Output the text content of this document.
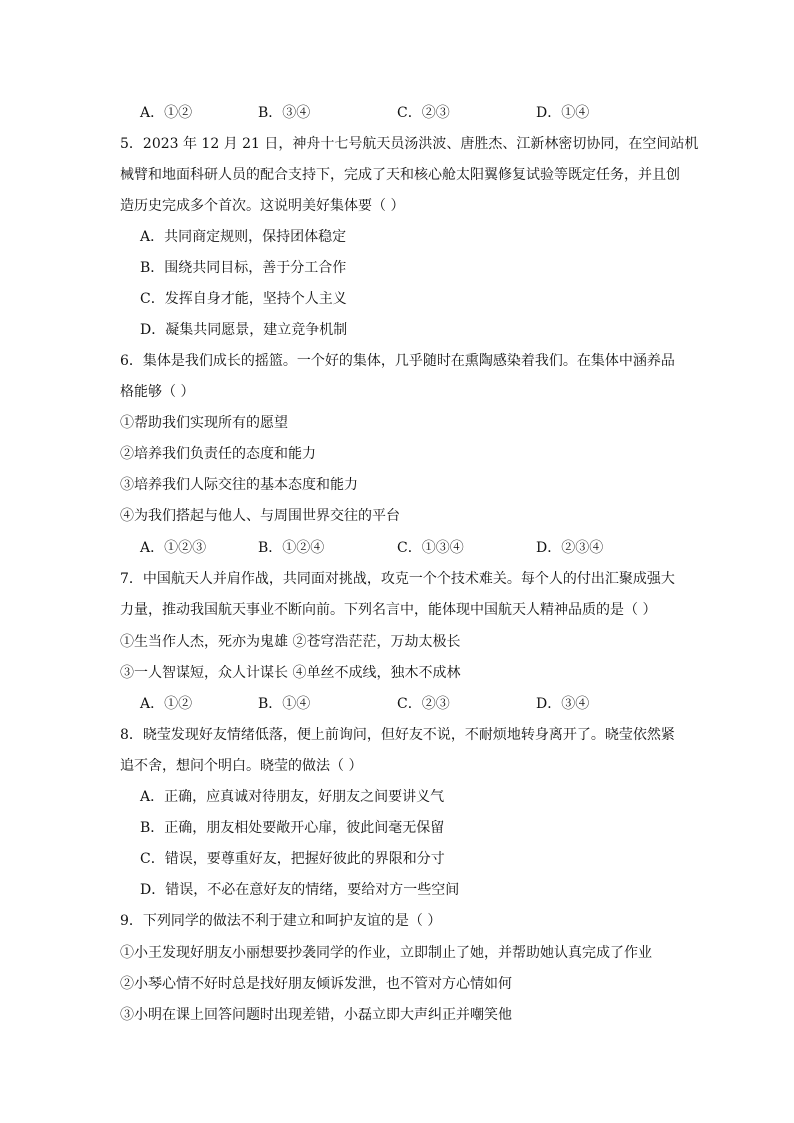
A．①②	B．③④	C．②③	D．①④
5．2023 年 12 月 21 日，神舟十七号航天员汤洪波、唐胜杰、江新林密切协同，在空间站机
械臂和地面科研人员的配合支持下，完成了天和核心舱太阳翼修复试验等既定任务，并且创
造历史完成多个首次。这说明美好集体要（ ）
A．共同商定规则，保持团体稳定
B．围绕共同目标，善于分工合作
C．发挥自身才能，坚持个人主义
D．凝集共同愿景，建立竞争机制
6．集体是我们成长的摇篮。一个好的集体，几乎随时在熏陶感染着我们。在集体中涵养品
格能够（ ）
①帮助我们实现所有的愿望
②培养我们负责任的态度和能力
③培养我们人际交往的基本态度和能力
④为我们搭起与他人、与周围世界交往的平台
A．①②③	B．①②④	C．①③④	D．②③④
7．中国航天人并肩作战，共同面对挑战，攻克一个个技术难关。每个人的付出汇聚成强大
力量，推动我国航天事业不断向前。下列名言中，能体现中国航天人精神品质的是（ ）
①生当作人杰，死亦为鬼雄 ②苍穹浩茫茫，万劫太极长
③一人智谋短，众人计谋长 ④单丝不成线，独木不成林
A．①②	B．①④	C．②③	D．③④
8．晓莹发现好友情绪低落，便上前询问，但好友不说，不耐烦地转身离开了。晓莹依然紧
追不舍，想问个明白。晓莹的做法（ ）
A．正确，应真诚对待朋友，好朋友之间要讲义气
B．正确，朋友相处要敞开心扉，彼此间毫无保留
C．错误，要尊重好友，把握好彼此的界限和分寸
D．错误，不必在意好友的情绪，要给对方一些空间
9．下列同学的做法不利于建立和呵护友谊的是（ ）
①小王发现好朋友小丽想要抄袭同学的作业，立即制止了她，并帮助她认真完成了作业
②小琴心情不好时总是找好朋友倾诉发泄，也不管对方心情如何
③小明在课上回答问题时出现差错，小磊立即大声纠正并嘲笑他
